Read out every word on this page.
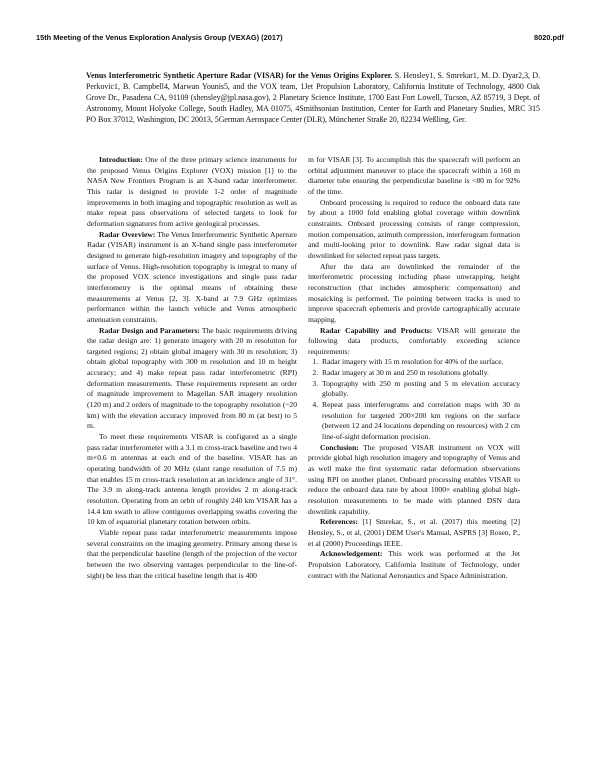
15th Meeting of the Venus Exploration Analysis Group (VEXAG) (2017)	8020.pdf
Venus Interferometric Synthetic Aperture Radar (VISAR) for the Venus Origins Explorer. S. Hensley1, S. Smrekar1, M. D. Dyar2,3, D. Perkovic1, B. Campbell4, Marwan Younis5, and the VOX team, 1Jet Propulsion Laboratory, California Institute of Technology, 4800 Oak Grove Dr., Pasadena CA, 91109 (shensley@jpl.nasa.gov), 2 Planetary Science Institute, 1700 East Fort Lowell, Tucson, AZ 85719, 3 Dept. of Astronomy, Mount Holyoke College, South Hadley, MA 01075, 4Smithsonian Institution, Center for Earth and Planetary Studies, MRC 315 PO Box 37012, Washington, DC 20013, 5German Aerospace Center (DLR), Münchener Straße 20, 82234 Weßling, Ger.

Introduction: One of the three primary science instruments for the proposed Venus Origins Explorer (VOX) mission [1] to the NASA New Frontiers Program is an X-band radar interferometer. This radar is designed to provide 1-2 order of magnitude improvements in both imaging and topographic resolution as well as make repeat pass observations of selected targets to look for deformation signatures from active geological processes.

Radar Overview: The Venus Interferometric Synthetic Aperture Radar (VISAR) instrument is an X-band single pass interferometer designed to generate high-resolution imagery and topography of the surface of Venus. High-resolution topography is integral to many of the proposed VOX science investigations and single pass radar interferometry is the optimal means of obtaining these measurements at Venus [2, 3]. X-band at 7.9 GHz optimizes performance within the launch vehicle and Venus atmospheric attenuation constraints.

Radar Design and Parameters: The basic requirements driving the radar design are: 1) generate imagery with 20 m resolution for targeted regions; 2) obtain global imagery with 30 m resolution; 3) obtain global topography with 300 m resolution and 10 m height accuracy; and 4) make repeat pass radar interferometric (RPI) deformation measurements. These requirements represent an order of magnitude improvement to Magellan SAR imagery resolution (120 m) and 2 orders of magnitude to the topography resolution (~20 km) with the elevation accuracy improved from 80 m (at best) to 5 m.

To meet these requirements VISAR is configured as a single pass radar interferometer with a 3.1 m cross-track baseline and two 4 m×0.6 m antennas at each end of the baseline. VISAR has an operating bandwidth of 20 MHz (slant range resolution of 7.5 m) that enables 15 m cross-track resolution at an incidence angle of 31°. The 3.9 m along-track antenna length provides 2 m along-track resolution. Operating from an orbit of roughly 240 km VISAR has a 14.4 km swath to allow contiguous overlapping swaths covering the 10 km of equatorial planetary rotation between orbits.

Viable repeat pass radar interferometric measurements impose several constraints on the imaging geometry. Primary among these is that the perpendicular baseline (length of the projection of the vector between the two observing vantages perpendicular to the line-of-sight) be less than the critical baseline length that is 400

m for VISAR [3]. To accomplish this the spacecraft will perform an orbital adjustment maneuver to place the spacecraft within a 160 m diameter tube ensuring the perpendicular baseline is <80 m for 92% of the time.

Onboard processing is required to reduce the onboard data rate by about a 1000 fold enabling global coverage within downlink constraints. Onboard processing consists of range compression, motion compensation, azimuth compression, interferogram formation and multi-looking prior to downlink. Raw radar signal data is downlinked for selected repeat pass targets.

After the data are downlinked the remainder of the interferometric processing including phase unwrapping, height reconstruction (that includes atmospheric compensation) and mosaicking is performed. Tie pointing between tracks is used to improve spacecraft ephemeris and provide cartographically accurate mapping.

Radar Capability and Products: VISAR will generate the following data products, comfortably exceeding science requirements:

1. Radar imagery with 15 m resolution for 40% of the surface.
2. Radar imagery at 30 m and 250 m resolutions globally.
3. Topography with 250 m posting and 5 m elevation accuracy globally.
4. Repeat pass interferograms and correlation maps with 30 m resolution for targeted 200×200 km regions on the surface (between 12 and 24 locations depending on resources) with 2 cm line-of-sight deformation precision.

Conclusion: The proposed VISAR instrument on VOX will provide global high resolution imagery and topography of Venus and as well make the first systematic radar deformation observations using RPI on another planet. Onboard processing enables VISAR to reduce the onboard data rate by about 1000× enabling global high-resolution measurements to be made with planned DSN data downlink capability.

References: [1] Smrekar, S., et al. (2017) this meeting [2] Hensley, S., et al, (2001) DEM User's Manual, ASPRS [3] Rosen, P., et al (2000) Proceedings IEEE.

Acknowledgement: This work was performed at the Jet Propulsion Laboratory, California Institute of Technology, under contract with the National Aeronautics and Space Administration.
